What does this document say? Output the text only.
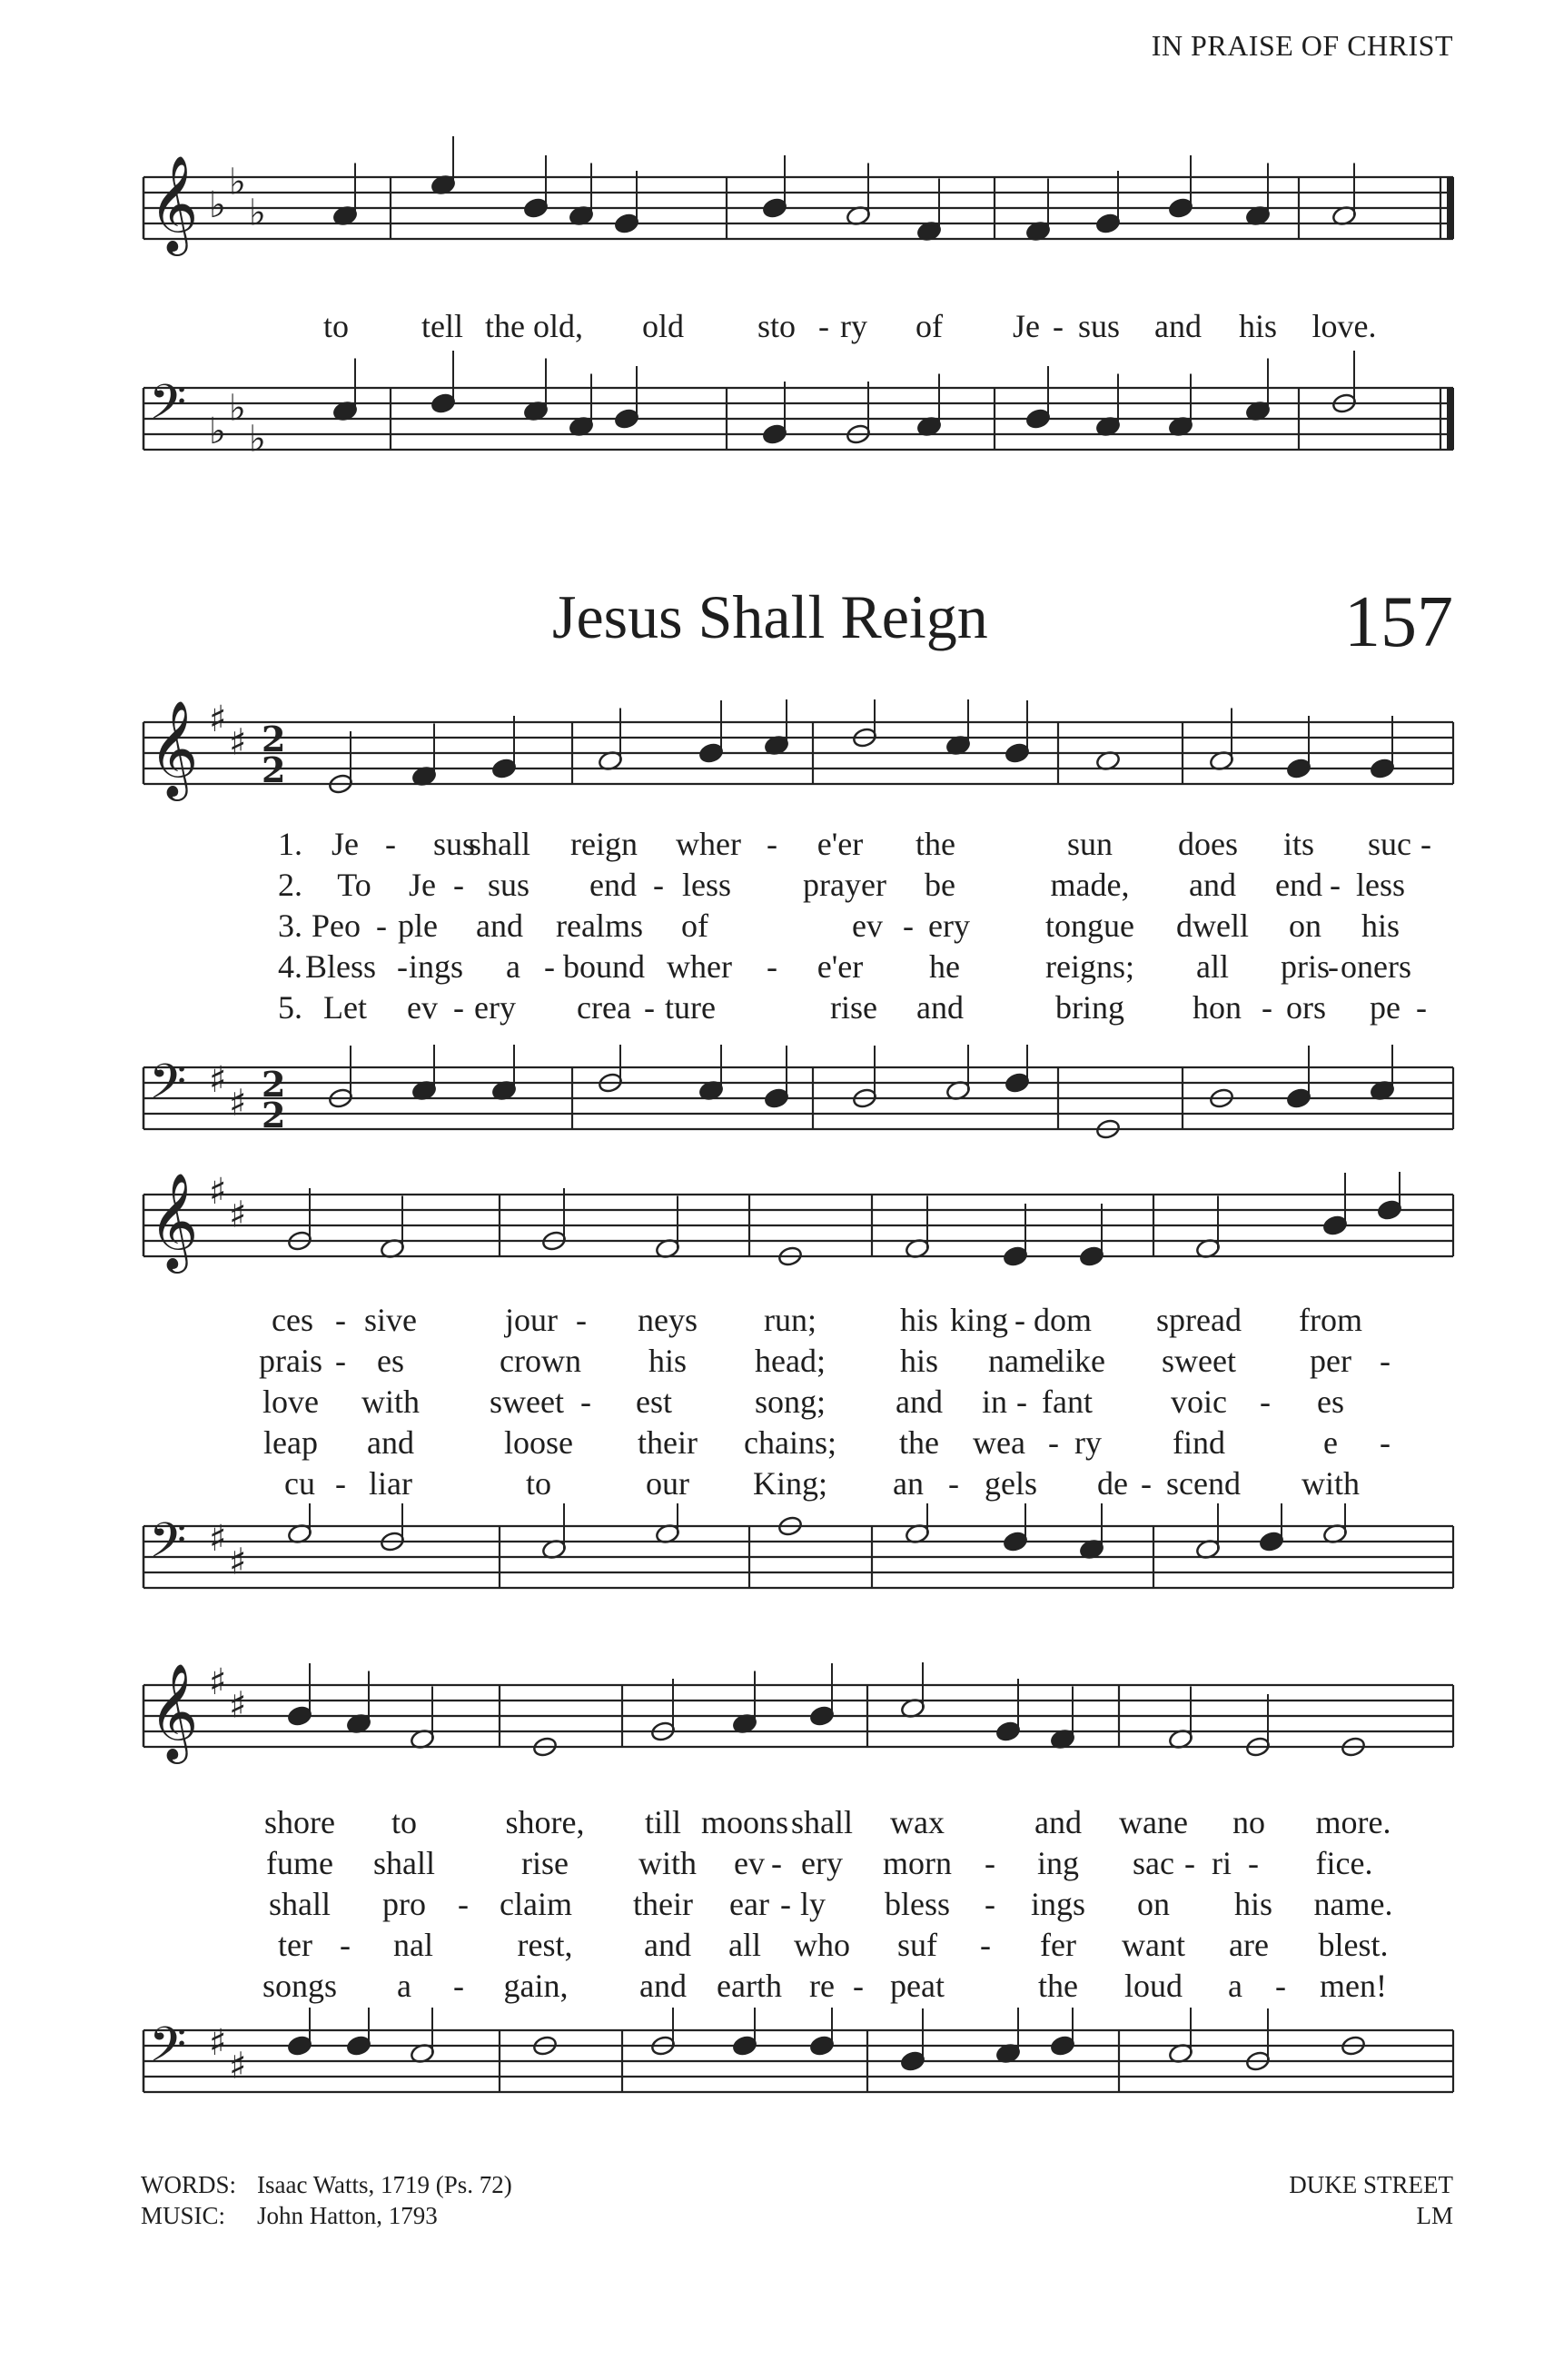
IN PRAISE OF CHRIST
𝄞 ♭
♭
♭
to tell the old, old sto - ry of Je - sus and his love.
𝄢 ♭
♭
♭
Jesus Shall Reign	157
𝄞 ♯
♯ 2
2
1. Je - sus
shall reign wher - e'er the	sun does its suc -
2. To Je - sus end - less prayer be	made, and end - less
3. Peo - ple and realms of	ev - ery tongue dwell on his
4. Bless - ings a - bound wher - e'er he	reigns; all pris
- oners
5. Let ev - ery crea - ture	rise and	bring hon - ors pe -
𝄢 ♯
♯ 2
2
𝄞 ♯
♯
ces - sive	jour - neys run;	his king - dom spread from
prais - es	crown his head; his name
like sweet per -
love with sweet - est	song; and in - fant voic - es
leap and	loose their chains; the wea - ry find	e -
cu - liar	to	our King; an - gels de - scend with
𝄢 ♯
♯
𝄞 ♯
♯
shore to	shore, till moons shall wax	and wane no more.
fume shall	rise with ev - ery morn - ing sac - ri - fice.
shall pro - claim their ear - ly bless - ings on his name.
ter - nal	rest, and all who suf - fer want are blest.
songs a - gain, and earth re - peat	the loud a - men!
𝄢 ♯
♯
WORDS: Isaac Watts, 1719 (Ps. 72)
MUSIC: John Hatton, 1793
DUKE STREET
LM
